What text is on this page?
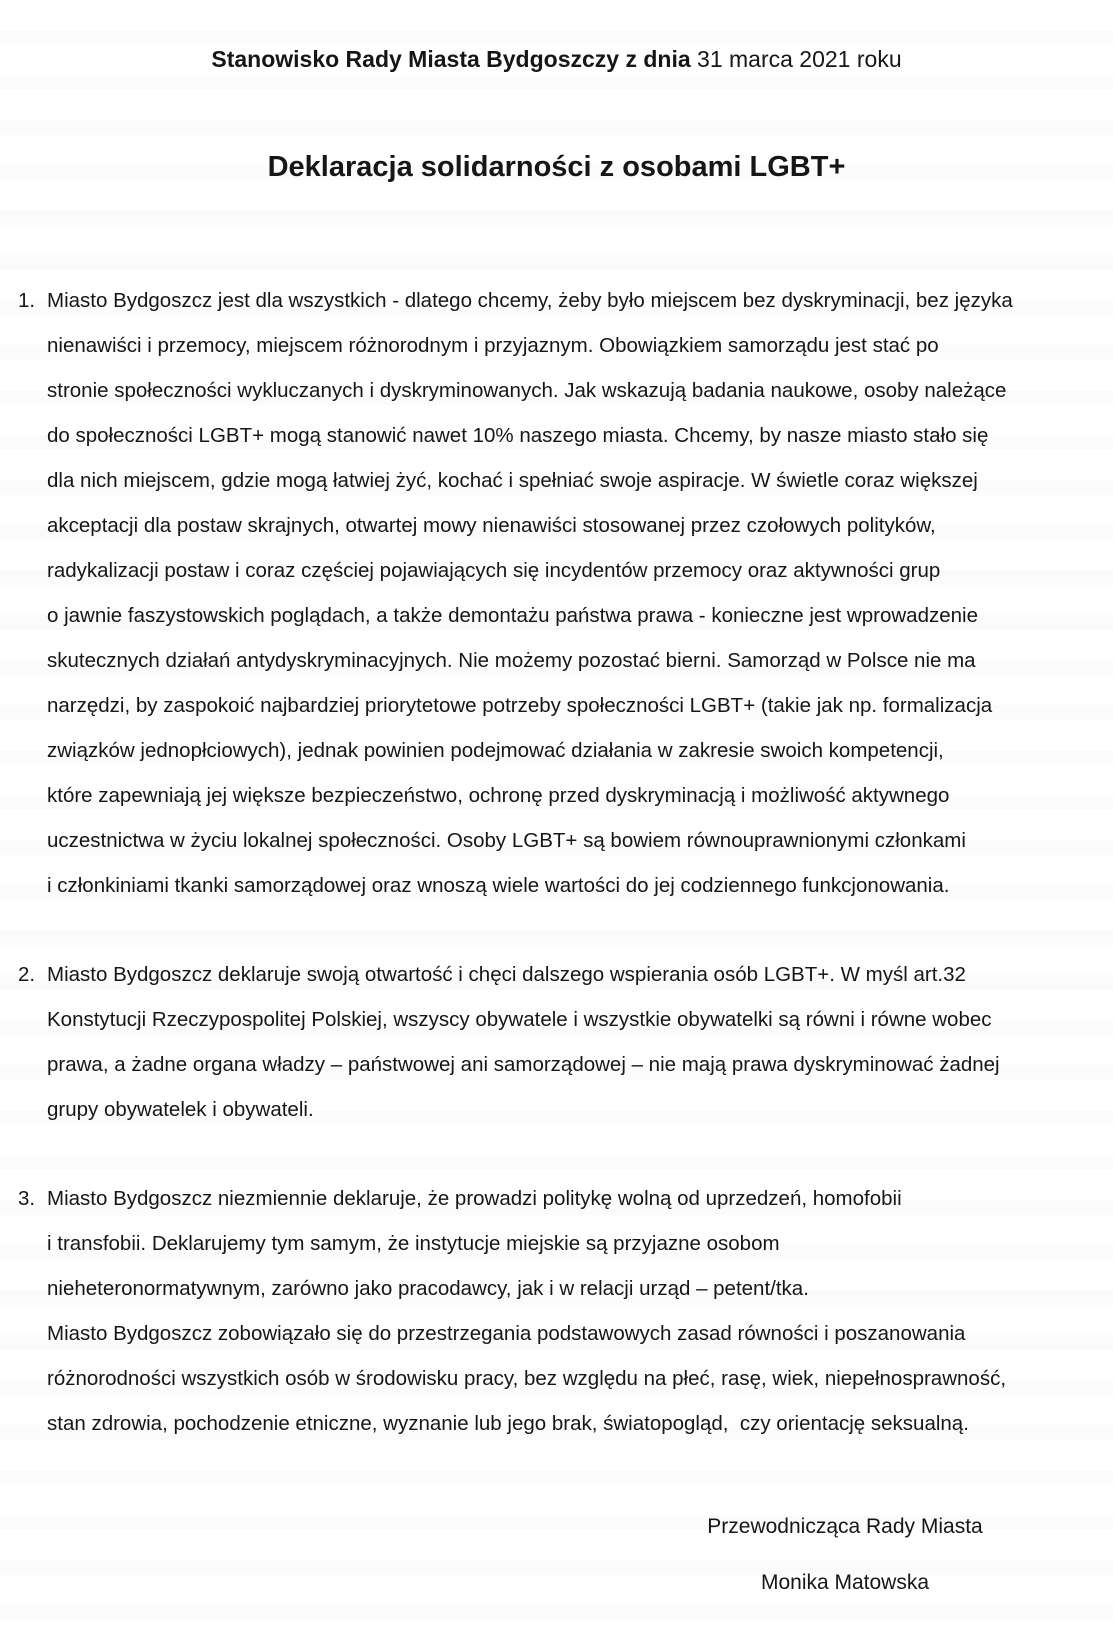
Stanowisko Rady Miasta Bydgoszczy z dnia 31 marca 2021 roku

Deklaracja solidarności z osobami LGBT+
1. Miasto Bydgoszcz jest dla wszystkich - dlatego chcemy, żeby było miejscem bez dyskryminacji, bez języka
nienawiści i przemocy, miejscem różnorodnym i przyjaznym. Obowiązkiem samorządu jest stać po
stronie społeczności wykluczanych i dyskryminowanych. Jak wskazują badania naukowe, osoby należące
do społeczności LGBT+ mogą stanowić nawet 10% naszego miasta. Chcemy, by nasze miasto stało się
dla nich miejscem, gdzie mogą łatwiej żyć, kochać i spełniać swoje aspiracje. W świetle coraz większej
akceptacji dla postaw skrajnych, otwartej mowy nienawiści stosowanej przez czołowych polityków,
radykalizacji postaw i coraz częściej pojawiających się incydentów przemocy oraz aktywności grup
o jawnie faszystowskich poglądach, a także demontażu państwa prawa - konieczne jest wprowadzenie
skutecznych działań antydyskryminacyjnych. Nie możemy pozostać bierni. Samorząd w Polsce nie ma
narzędzi, by zaspokoić najbardziej priorytetowe potrzeby społeczności LGBT+ (takie jak np. formalizacja
związków jednopłciowych), jednak powinien podejmować działania w zakresie swoich kompetencji,
które zapewniają jej większe bezpieczeństwo, ochronę przed dyskryminacją i możliwość aktywnego
uczestnictwa w życiu lokalnej społeczności. Osoby LGBT+ są bowiem równouprawnionymi członkami
i członkiniami tkanki samorządowej oraz wnoszą wiele wartości do jej codziennego funkcjonowania.
2. Miasto Bydgoszcz deklaruje swoją otwartość i chęci dalszego wspierania osób LGBT+. W myśl art.32
Konstytucji Rzeczypospolitej Polskiej, wszyscy obywatele i wszystkie obywatelki są równi i równe wobec
prawa, a żadne organa władzy – państwowej ani samorządowej – nie mają prawa dyskryminować żadnej
grupy obywatelek i obywateli.
3. Miasto Bydgoszcz niezmiennie deklaruje, że prowadzi politykę wolną od uprzedzeń, homofobii
i transfobii. Deklarujemy tym samym, że instytucje miejskie są przyjazne osobom
nieheteronormatywnym, zarówno jako pracodawcy, jak i w relacji urząd – petent/tka.
Miasto Bydgoszcz zobowiązało się do przestrzegania podstawowych zasad równości i poszanowania
różnorodności wszystkich osób w środowisku pracy, bez względu na płeć, rasę, wiek, niepełnosprawność,
stan zdrowia, pochodzenie etniczne, wyznanie lub jego brak, światopogląd,  czy orientację seksualną.
Przewodnicząca Rady Miasta
Monika Matowska
